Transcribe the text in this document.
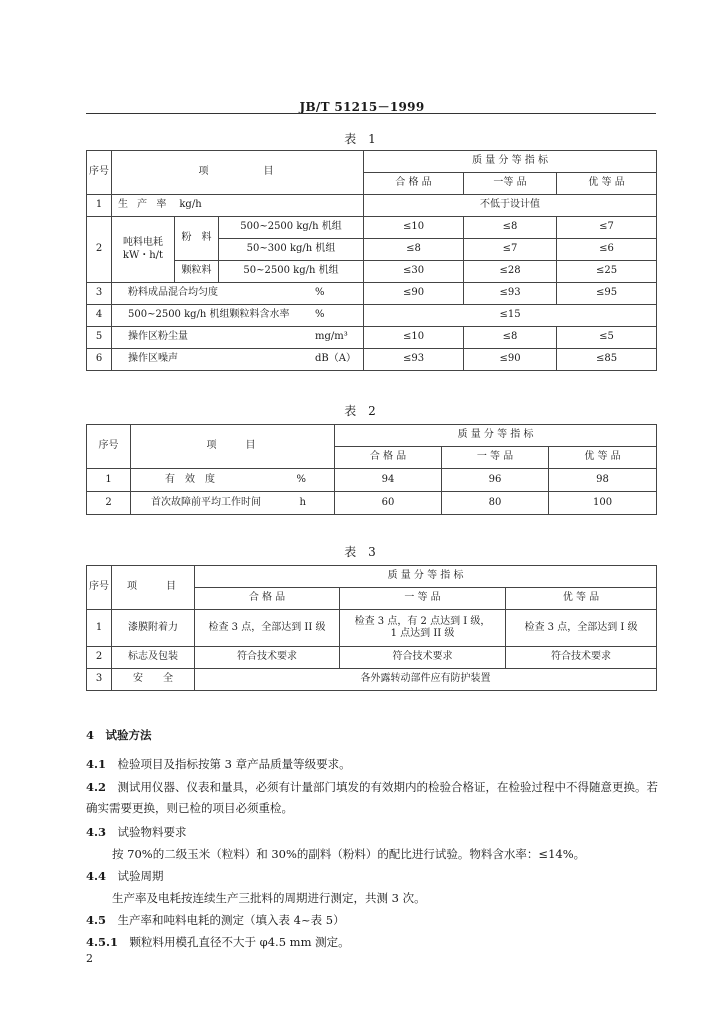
JB/T 51215－1999
表 1
序号	项　　　　目			质 量 分 等 指 标		
				合 格 品	一等 品	优 等 品
1	生 产 率　 kg/h			不低于设计值		
2	吨料电耗
kW・h/t	粉　料	500~2500 kg/h 机组	≤10	≤8	≤7
			50~300 kg/h 机组	≤8	≤7	≤6
		颗粒料	50~2500 kg/h 机组	≤30	≤28	≤25
3	粉料成品混合均匀度 %			≤90	≤93	≤95
4	500~2500 kg/h 机组颗粒料含水率 %			≤15		
5	操作区粉尘量 mg/m³			≤10	≤8	≤5
6	操作区噪声 dB（A）			≤93	≤90	≤85
表 2
序号	项　　目	质 量 分 等 指 标		
		合 格 品	一 等 品	优 等 品
1	有　效　度 %	94	96	98
2	首次故障前平均工作时间 h	60	80	100
表 3
序号	项　　目	质 量 分 等 指 标		
		合 格 品	一 等 品	优 等 品
1	漆膜附着力	检查 3 点，全部达到 II 级	检查 3 点，有 2 点达到 I 级，
1 点达到 II 级	检查 3 点，全部达到 I 级
2	标志及包装	符合技术要求	符合技术要求	符合技术要求
3	安　　全	各外露转动部件应有防护装置		
4　 试验方法
4.1　 检验项目及指标按第 3 章产品质量等级要求。
4.2　 测试用仪器、仪表和量具，必须有计量部门填发的有效期内的检验合格证，在检验过程中不得随意更换。若确实需要更换，则已检的项目必须重检。
4.3　 试验物料要求
按 70%的二级玉米（粒料）和 30%的副料（粉料）的配比进行试验。物料含水率：≤14%。
4.4　 试验周期
生产率及电耗按连续生产三批料的周期进行测定，共测 3 次。
4.5　 生产率和吨料电耗的测定（填入表 4~表 5）
4.5.1　 颗粒料用模孔直径不大于 φ4.5 mm 测定。
2
